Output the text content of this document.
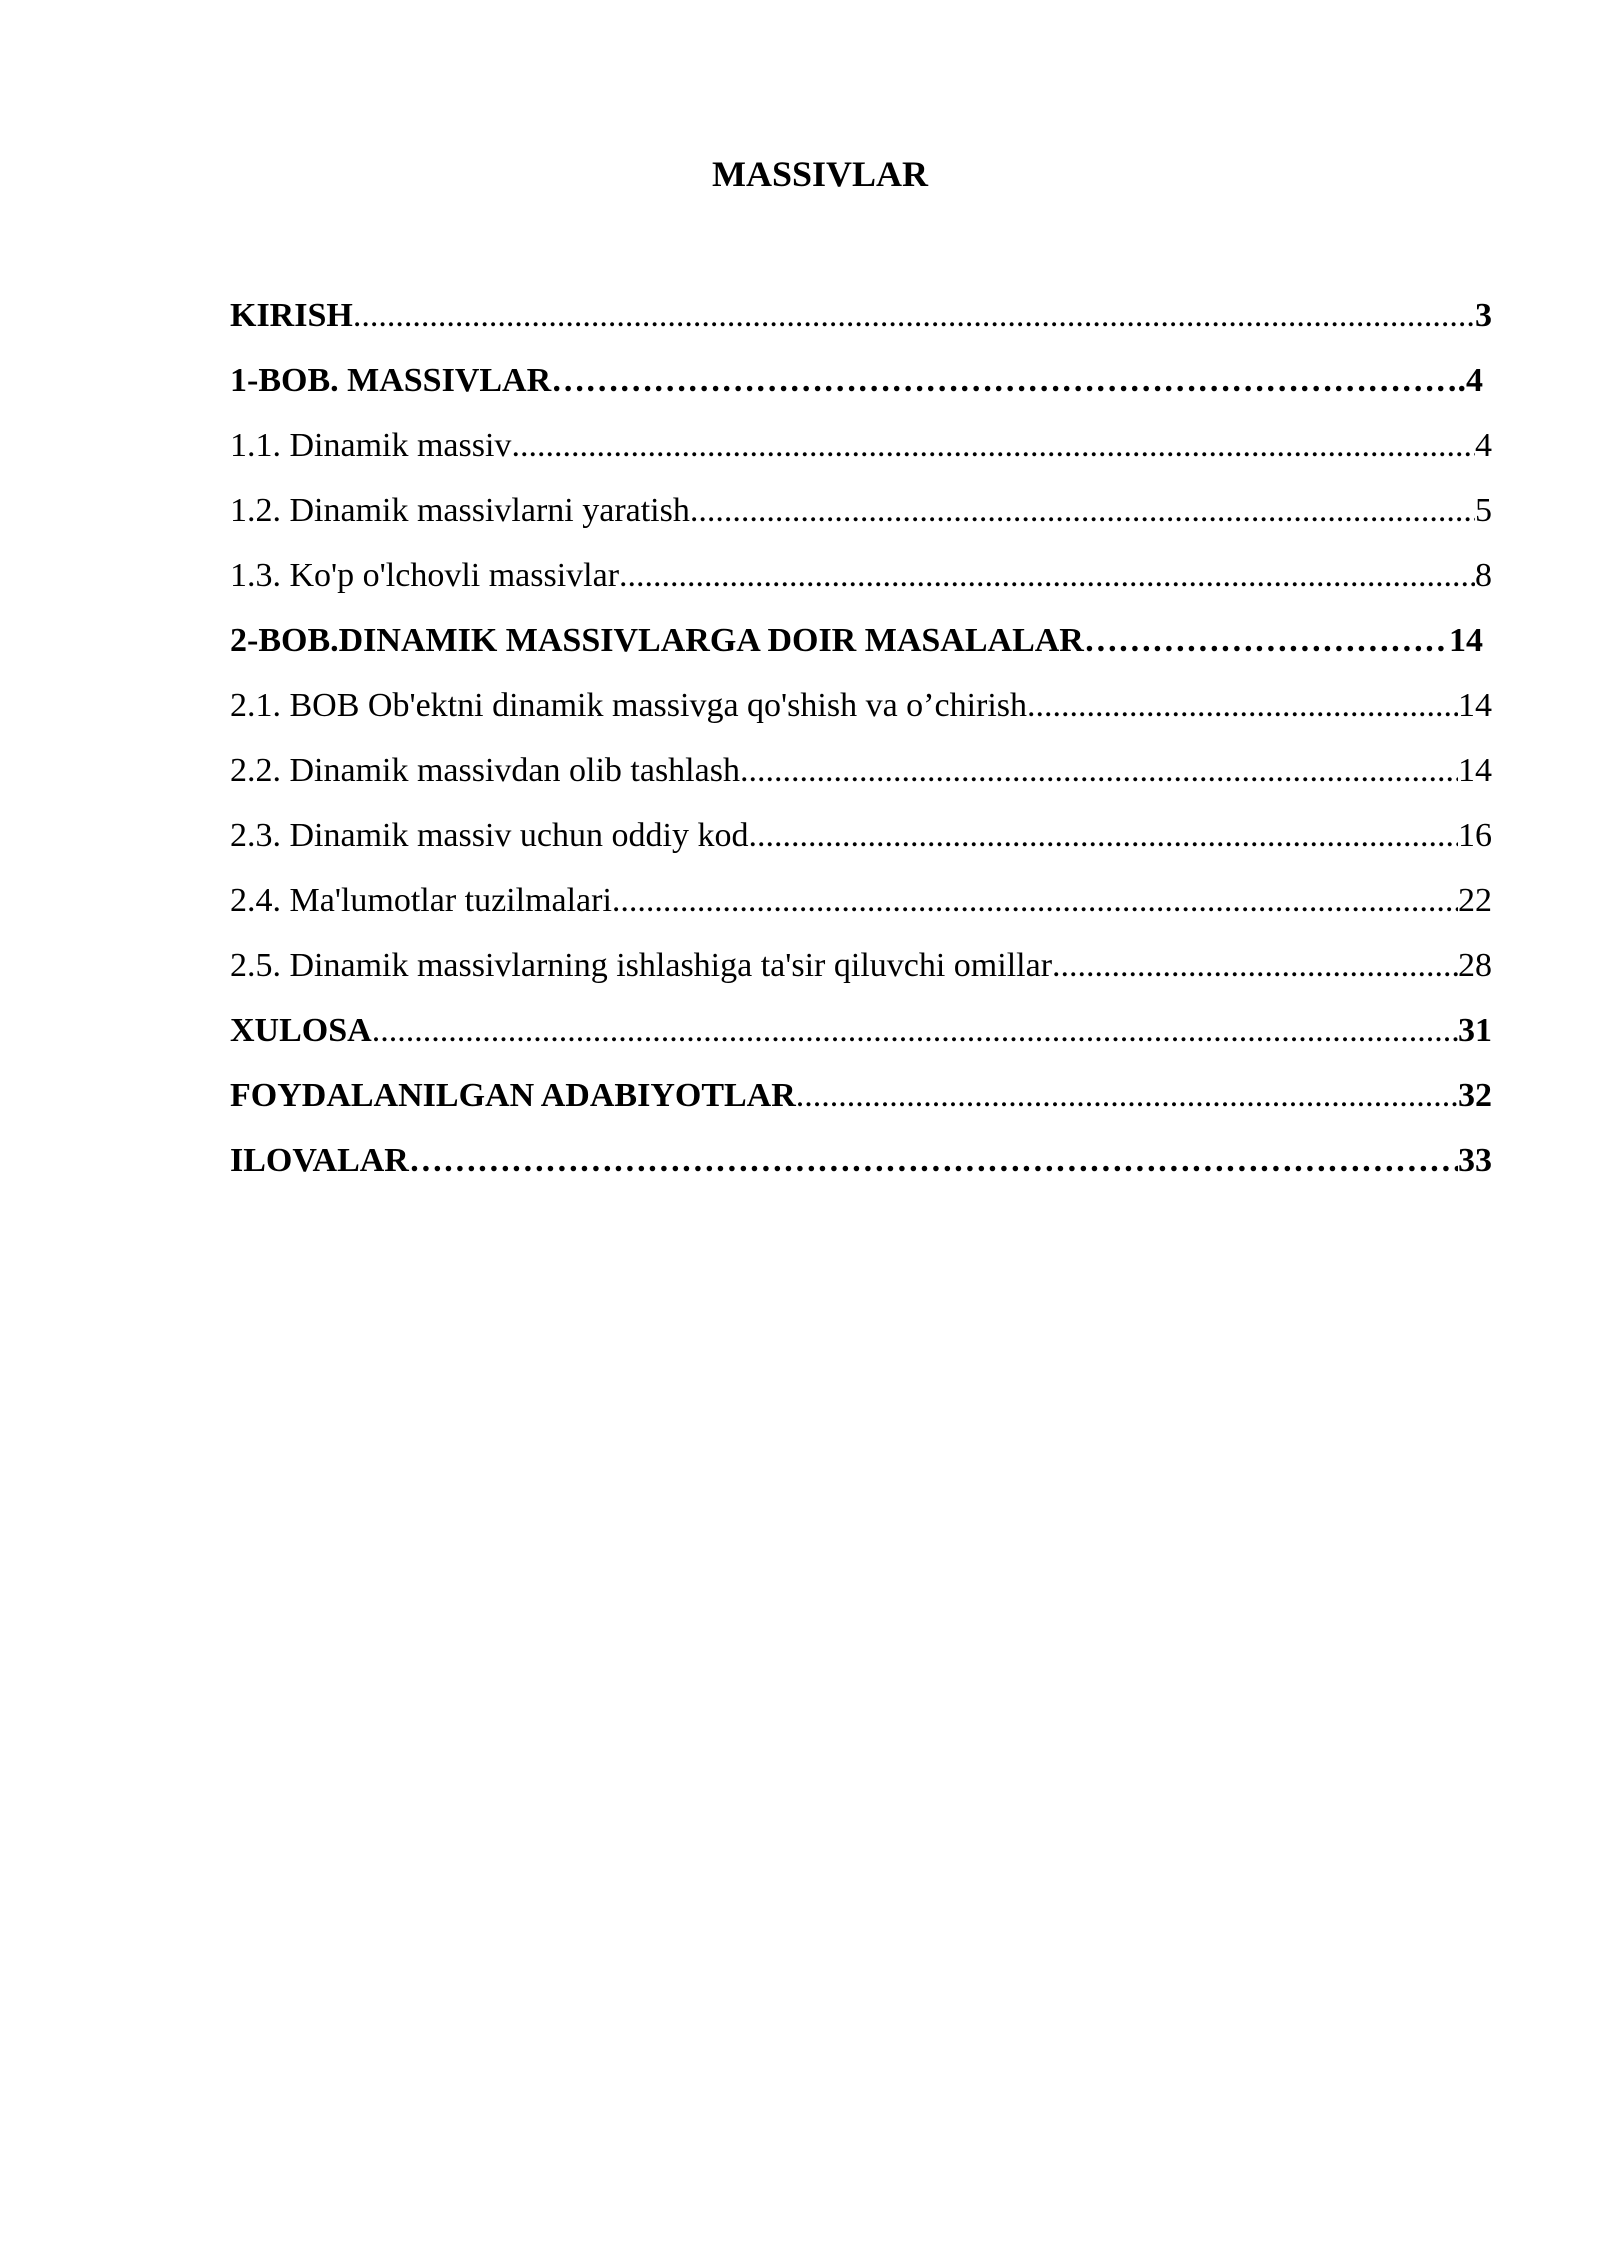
MASSIVLAR
KIRISH .....	3
1-BOB. MASSIVLAR …………………………………………………………………………………………………………………………………………………………………………………………………………………	.4
1.1. Dinamik massiv .....	4
1.2. Dinamik massivlarni yaratish .....	5
1.3. Ko'p o'lchovli massivlar .....	8
2-BOB.DINAMIK MASSIVLARGA DOIR MASALALAR …………………………………………………………………………………………………………………………………………………………………………………………………………………	14
2.1. BOB Ob'ektni dinamik massivga qo'shish va o’chirish .....	14
2.2. Dinamik massivdan olib tashlash .....	14
2.3. Dinamik massiv uchun oddiy kod .....	16
2.4. Ma'lumotlar tuzilmalari .....	22
2.5. Dinamik massivlarning ishlashiga ta'sir qiluvchi omillar .....	28
XULOSA .....	31
FOYDALANILGAN ADABIYOTLAR .....	32
ILOVALAR …………………………………………………………………………………………………………………………………………………………………………………………………………………	33
